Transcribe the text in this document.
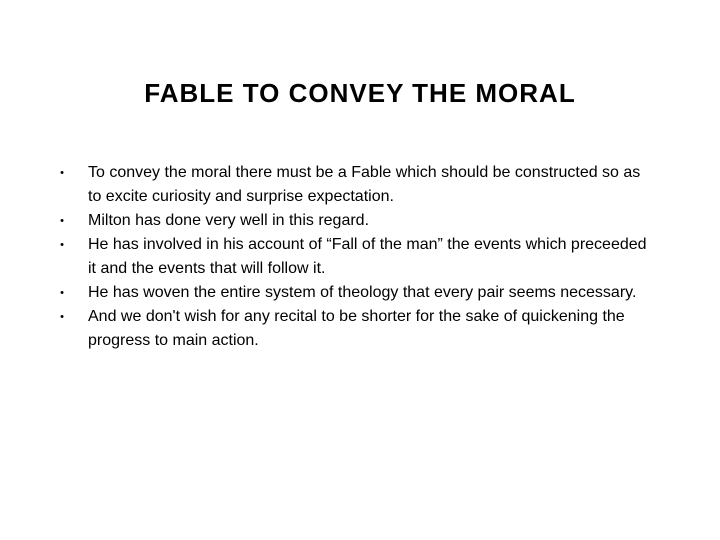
FABLE TO CONVEY THE MORAL
• To convey the moral there must be a Fable which should be constructed so as to excite curiosity and surprise expectation.
• Milton has done very well in this regard.
• He has involved in his account of “Fall of the man” the events which preceeded it and the events that will follow it.
• He has woven the entire system of theology that every pair seems necessary.
• And we don't wish for any recital to be shorter for the sake of quickening the progress to main action.
